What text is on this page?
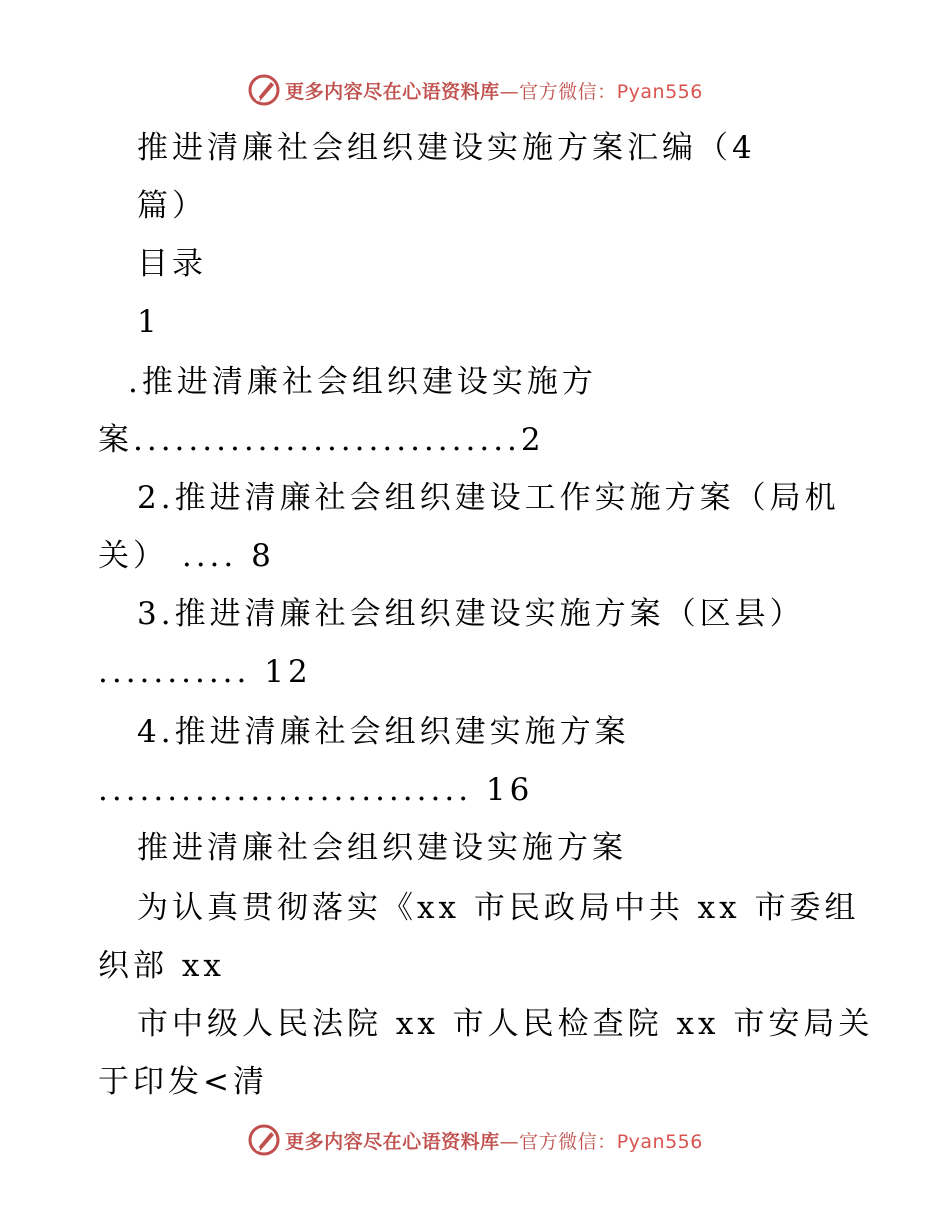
更多内容尽在心语资料库—官方微信：Pyan556
推进清廉社会组织建设实施方案汇编（4
篇）
目录
1
.推进清廉社会组织建设实施方
案............................2
2.推进清廉社会组织建设工作实施方案（局机
关） .... 8
3.推进清廉社会组织建设实施方案（区县）
........... 12
4.推进清廉社会组织建实施方案
........................... 16
推进清廉社会组织建设实施方案
为认真贯彻落实《xx 市民政局中共 xx 市委组
织部 xx
市中级人民法院 xx 市人民检查院 xx 市安局关
于印发<清
更多内容尽在心语资料库—官方微信：Pyan556
